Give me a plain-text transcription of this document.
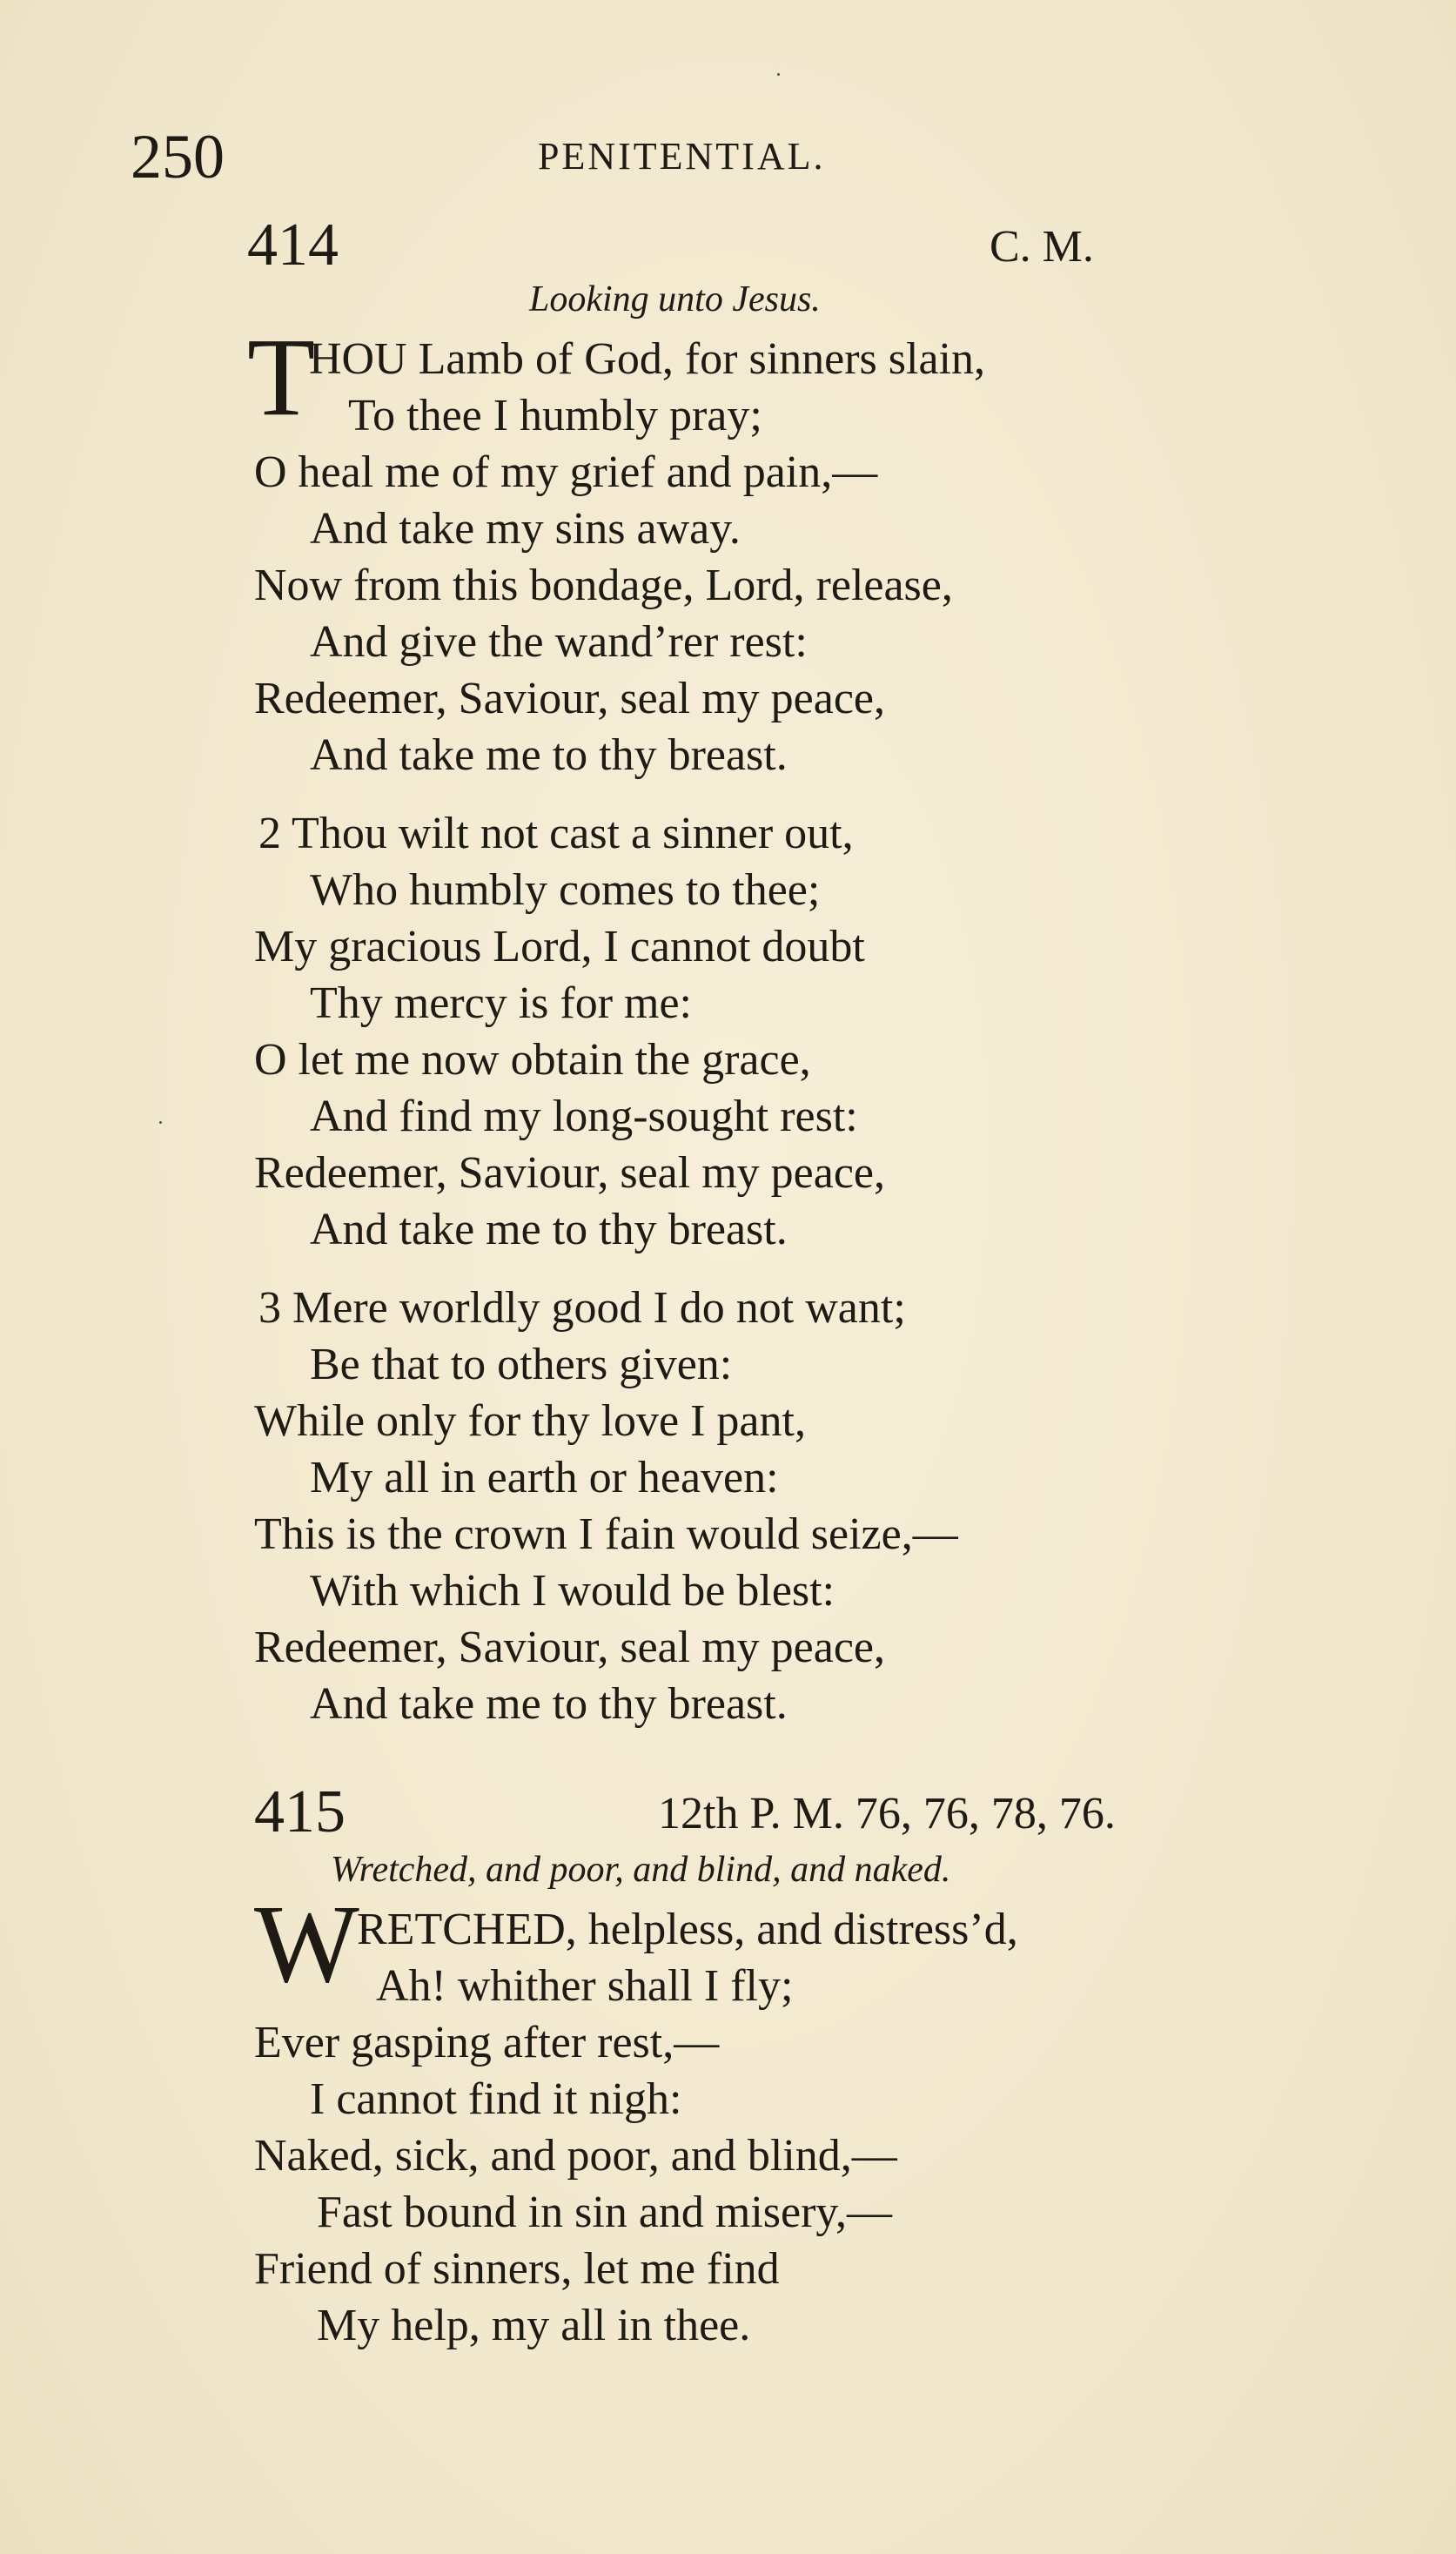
250	PENITENTIAL.
414	C. M.
Looking unto Jesus.
T
HOU Lamb of God, for sinners slain,
To thee I humbly pray;
O heal me of my grief and pain,—
And take my sins away.
Now from this bondage, Lord, release,
And give the wand’rer rest:
Redeemer, Saviour, seal my peace,
And take me to thy breast.
2 Thou wilt not cast a sinner out,
Who humbly comes to thee;
My gracious Lord, I cannot doubt
Thy mercy is for me:
O let me now obtain the grace,
And find my long-sought rest:
Redeemer, Saviour, seal my peace,
And take me to thy breast.
3 Mere worldly good I do not want;
Be that to others given:
While only for thy love I pant,
My all in earth or heaven:
This is the crown I fain would seize,—
With which I would be blest:
Redeemer, Saviour, seal my peace,
And take me to thy breast.
415	12th P. M. 76, 76, 78, 76.
Wretched, and poor, and blind, and naked.
W
RETCHED, helpless, and distress’d,
Ah! whither shall I fly;
Ever gasping after rest,—
I cannot find it nigh:
Naked, sick, and poor, and blind,—
Fast bound in sin and misery,—
Friend of sinners, let me find
My help, my all in thee.
